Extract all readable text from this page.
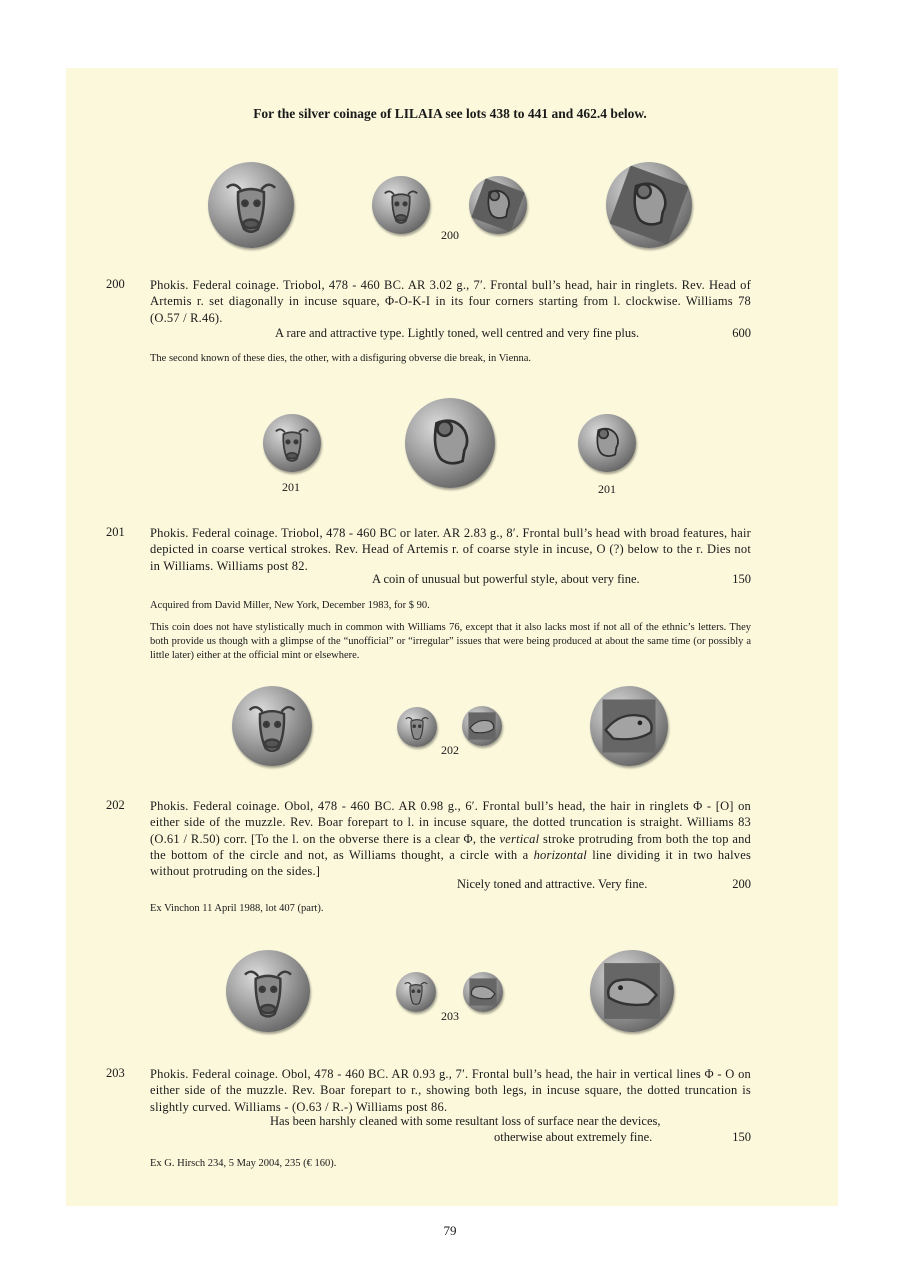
For the silver coinage of LILAIA see lots 438 to 441 and 462.4 below.
200
200 Phokis. Federal coinage. Triobol, 478 - 460 BC. AR 3.02 g., 7′. Frontal bull’s head, hair in ringlets. Rev. Head of Artemis r. set diagonally in incuse square, Φ-O-K-I in its four corners starting from l. clockwise. Williams 78 (O.57 / R.46).
A rare and attractive type. Lightly toned, well centred and very fine plus.	600
The second known of these dies, the other, with a disfiguring obverse die break, in Vienna.
201	201
201 Phokis. Federal coinage. Triobol, 478 - 460 BC or later. AR 2.83 g., 8′. Frontal bull’s head with broad features, hair depicted in coarse vertical strokes. Rev. Head of Artemis r. of coarse style in incuse, O (?) below to the r. Dies not in Williams. Williams post 82.
A coin of unusual but powerful style, about very fine.	150
Acquired from David Miller, New York, December 1983, for $ 90.
This coin does not have stylistically much in common with Williams 76, except that it also lacks most if not all of the ethnic’s letters. They both provide us though with a glimpse of the “unofficial” or “irregular” issues that were being produced at about the same time (or possibly a little later) either at the official mint or elsewhere.
202
202 Phokis. Federal coinage. Obol, 478 - 460 BC. AR 0.98 g., 6′. Frontal bull’s head, the hair in ringlets Φ - [O] on either side of the muzzle. Rev. Boar forepart to l. in incuse square, the dotted truncation is straight. Williams 83 (O.61 / R.50) corr. [To the l. on the obverse there is a clear Φ, the vertical stroke protruding from both the top and the bottom of the circle and not, as Williams thought, a circle with a horizontal line dividing it in two halves without protruding on the sides.]
Nicely toned and attractive. Very fine.	200
Ex Vinchon 11 April 1988, lot 407 (part).
203
203 Phokis. Federal coinage. Obol, 478 - 460 BC. AR 0.93 g., 7′. Frontal bull’s head, the hair in vertical lines Φ - O on either side of the muzzle. Rev. Boar forepart to r., showing both legs, in incuse square, the dotted truncation is slightly curved. Williams - (O.63 / R.-) Williams post 86.
Has been harshly cleaned with some resultant loss of surface near the devices,
otherwise about extremely fine.	150
Ex G. Hirsch 234, 5 May 2004, 235 (€ 160).
79
